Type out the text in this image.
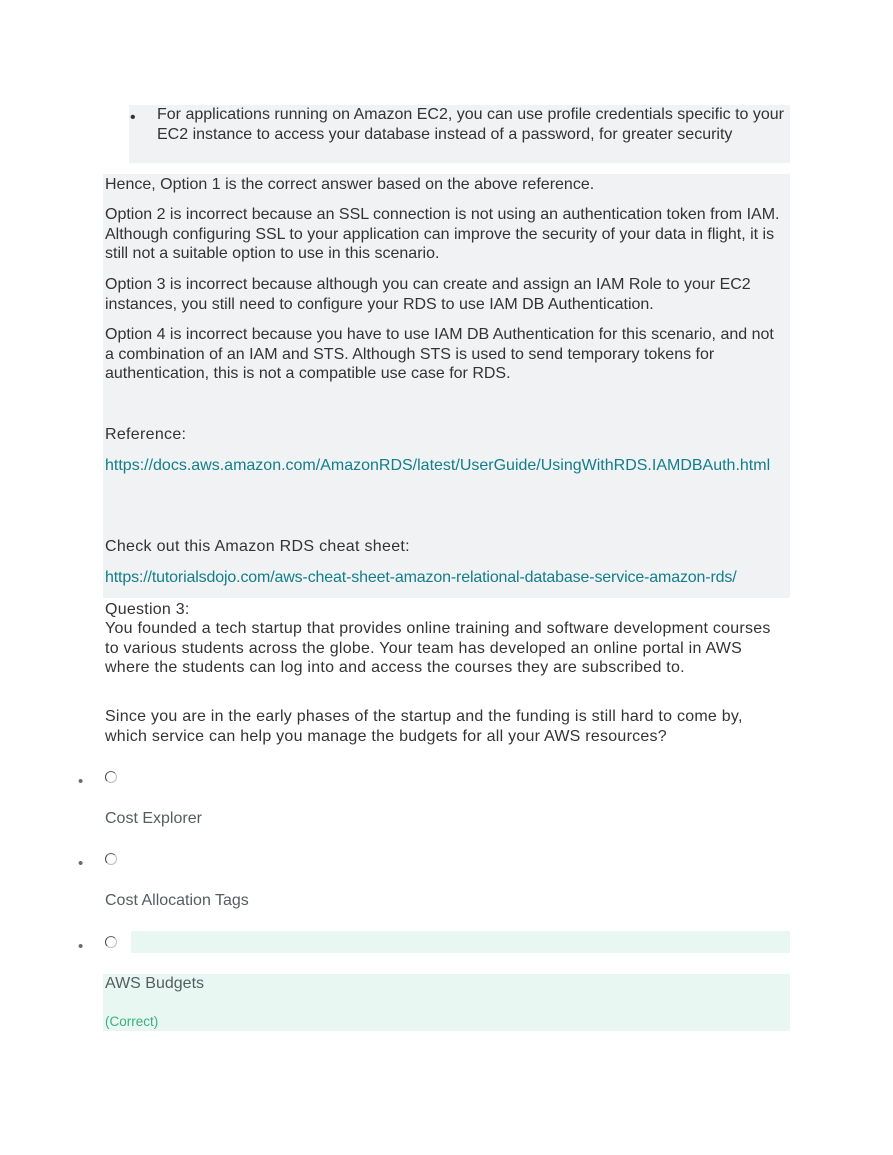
• For applications running on Amazon EC2, you can use profile credentials specific to your EC2 instance to access your database instead of a password, for greater security
Hence, Option 1 is the correct answer based on the above reference.
Option 2 is incorrect because an SSL connection is not using an authentication token from IAM. Although configuring SSL to your application can improve the security of your data in flight, it is still not a suitable option to use in this scenario.
Option 3 is incorrect because although you can create and assign an IAM Role to your EC2 instances, you still need to configure your RDS to use IAM DB Authentication.
Option 4 is incorrect because you have to use IAM DB Authentication for this scenario, and not a combination of an IAM and STS. Although STS is used to send temporary tokens for authentication, this is not a compatible use case for RDS.
Reference:
https://docs.aws.amazon.com/AmazonRDS/latest/UserGuide/UsingWithRDS.IAMDBAuth.html
Check out this Amazon RDS cheat sheet:
https://tutorialsdojo.com/aws-cheat-sheet-amazon-relational-database-service-amazon-rds/
Question 3:
You founded a tech startup that provides online training and software development courses to various students across the globe. Your team has developed an online portal in AWS where the students can log into and access the courses they are subscribed to.
Since you are in the early phases of the startup and the funding is still hard to come by, which service can help you manage the budgets for all your AWS resources?
•
Cost Explorer
•
Cost Allocation Tags
•
AWS Budgets
(Correct)
